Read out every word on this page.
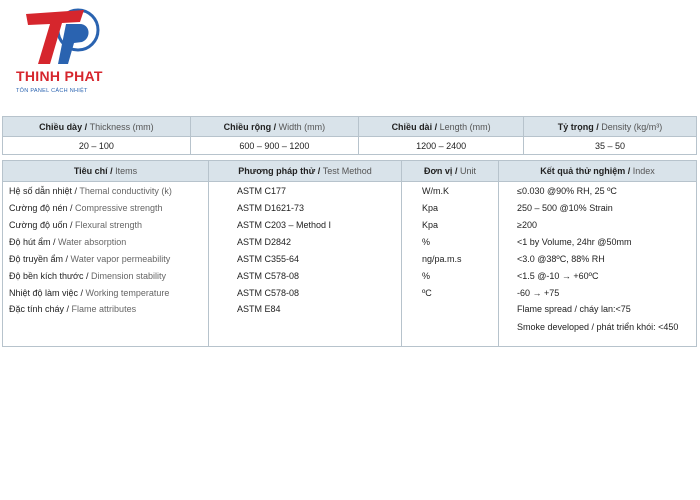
THINH PHAT
TÔN PANEL CÁCH NHIỆT
Chiều dày / Thickness (mm)	Chiều rộng / Width (mm)	Chiều dài / Length (mm)	Tỷ trọng / Density (kg/m³)
20 – 100	600 – 900 – 1200	1200 – 2400	35 – 50
Tiêu chí / Items	Phương pháp thử / Test Method	Đơn vị / Unit	Kết quả thử nghiệm / Index
Hệ số dẫn nhiệt / Themal conductivity (k)	ASTM C177	W/m.K	≤0.030 @90% RH, 25 ºC
Cường độ nén / Compressive strength	ASTM D1621-73	Kpa	250 – 500 @10% Strain
Cường độ uốn / Flexural strength	ASTM C203 – Method I	Kpa	≥200
Độ hút ẩm / Water absorption	ASTM D2842	%	<1 by Volume, 24hr @50mm
Độ truyền ẩm / Water vapor permeability	ASTM C355-64	ng/pa.m.s	<3.0 @38ºC, 88% RH
Độ bền kích thước / Dimension stability	ASTM C578-08	%	<1.5 @-10 → +60ºC
Nhiệt độ làm việc / Working temperature	ASTM C578-08	ºC	-60 → +75
Đặc tính cháy / Flame attributes	ASTM E84		Flame spread / cháy lan:<75
Smoke developed / phát triển khói: <450
